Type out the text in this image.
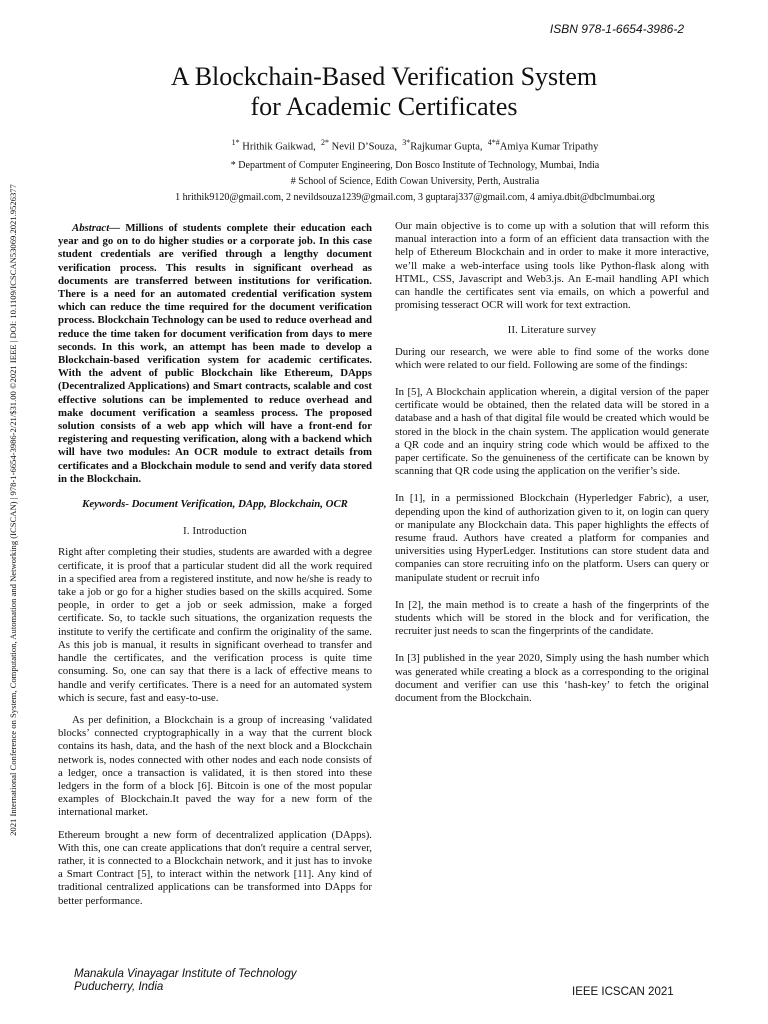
ISBN 978-1-6654-3986-2
A Blockchain-Based Verification System
for Academic Certificates
$^{1*}$ Hrithik Gaikwad, $^{2*}$ Nevil D’Souza, $^{3*}$Rajkumar Gupta, $^{4*\#}$Amiya Kumar Tripathy
* Department of Computer Engineering, Don Bosco Institute of Technology, Mumbai, India
# School of Science, Edith Cowan University, Perth, Australia
1 hrithik9120@gmail.com, 2 nevildsouza1239@gmail.com, 3 guptaraj337@gmail.com, 4 amiya.dbit@dbclmumbai.org
2021 International Conference on System, Computation, Automation and Networking (ICSCAN) | 978-1-6654-3986-2/21/$31.00 ©2021 IEEE | DOI: 10.1109/ICSCAN53069.2021.9526377	Abstract— Millions of students complete their education each year and go on to do higher studies or a corporate job. In this case student credentials are verified through a lengthy document verification process. This results in significant overhead as documents are transferred between institutions for verification. There is a need for an automated credential verification system which can reduce the time required for the document verification process. Blockchain Technology can be used to reduce overhead and reduce the time taken for document verification from days to mere seconds. In this work, an attempt has been made to develop a Blockchain-based verification system for academic certificates. With the advent of public Blockchain like Ethereum, DApps (Decentralized Applications) and Smart contracts, scalable and cost effective solutions can be implemented to reduce overhead and make document verification a seamless process. The proposed solution consists of a web app which will have a front-end for registering and requesting verification, along with a backend which will have two modules: An OCR module to extract details from certificates and a Blockchain module to send and verify data stored in the Blockchain.

Keywords- Document Verification, DApp, Blockchain, OCR

I. Introduction

Right after completing their studies, students are awarded with a degree certificate, it is proof that a particular student did all the work required in a specified area from a registered institute, and now he/she is ready to take a job or go for a higher studies based on the skills acquired. Some people, in order to get a job or seek admission, make a forged certificate. So, to tackle such situations, the organization requests the institute to verify the certificate and confirm the originality of the same. As this job is manual, it results in significant overhead to transfer and handle the certificates, and the verification process is quite time consuming. So, one can say that there is a lack of effective means to handle and verify certificates. There is a need for an automated system which is secure, fast and easy-to-use.

As per definition, a Blockchain is a group of increasing ‘validated blocks’ connected cryptographically in a way that the current block contains its hash, data, and the hash of the next block and a Blockchain network is, nodes connected with other nodes and each node consists of a ledger, once a transaction is validated, it is then stored into these ledgers in the form of a block [6]. Bitcoin is one of the most popular examples of Blockchain.It paved the way for a new form of the international market.

Ethereum brought a new form of decentralized application (DApps). With this, one can create applications that don't require a central server, rather, it is connected to a Blockchain network, and it just has to invoke a Smart Contract [5], to interact within the network [11]. Any kind of traditional centralized applications can be transformed into DApps for better performance.

Our main objective is to come up with a solution that will reform this manual interaction into a form of an efficient data transaction with the help of Ethereum Blockchain and in order to make it more interactive, we’ll make a web-interface using tools like Python-flask along with HTML, CSS, Javascript and Web3.js. An E-mail handling API which can handle the certificates sent via emails, on which a powerful and promising tesseract OCR will work for text extraction.

II. Literature survey

During our research, we were able to find some of the works done which were related to our field. Following are some of the findings:

In [5], A Blockchain application wherein, a digital version of the paper certificate would be obtained, then the related data will be stored in a database and a hash of that digital file would be created which would be stored in the block in the chain system. The application would generate a QR code and an inquiry string code which would be affixed to the paper certificate. So the genuineness of the certificate can be known by scanning that QR code using the application on the verifier’s side.

In [1], in a permissioned Blockchain (Hyperledger Fabric), a user, depending upon the kind of authorization given to it, on login can query or manipulate any Blockchain data. This paper highlights the effects of resume fraud. Authors have created a platform for companies and universities using HyperLedger. Institutions can store student data and companies can store recruiting info on the platform. Users can query or manipulate student or recruit info

In [2], the main method is to create a hash of the fingerprints of the students which will be stored in the block and for verification, the recruiter just needs to scan the fingerprints of the candidate.

In [3] published in the year 2020, Simply using the hash number which was generated while creating a block as a corresponding to the original document and verifier can use this ‘hash-key’ to fetch the original document from the Blockchain.

Manakula Vinayagar Institute of Technology
Puducherry, India	IEEE ICSCAN 2021
